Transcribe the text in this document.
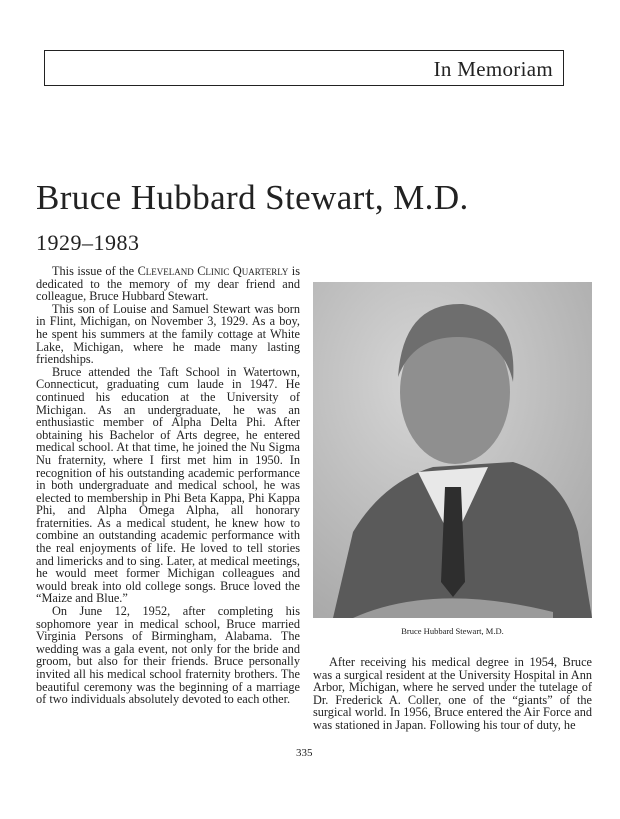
In Memoriam
Bruce Hubbard Stewart, M.D.
1929–1983

This issue of the Cleveland Clinic Quarterly is dedicated to the memory of my dear friend and colleague, Bruce Hubbard Stewart.

This son of Louise and Samuel Stewart was born in Flint, Michigan, on November 3, 1929. As a boy, he spent his summers at the family cottage at White Lake, Michigan, where he made many lasting friendships.

Bruce attended the Taft School in Watertown, Connecticut, graduating cum laude in 1947. He continued his education at the University of Michigan. As an undergraduate, he was an enthusiastic member of Alpha Delta Phi. After obtaining his Bachelor of Arts degree, he entered medical school. At that time, he joined the Nu Sigma Nu fraternity, where I first met him in 1950. In recognition of his outstanding academic performance in both undergraduate and medical school, he was elected to membership in Phi Beta Kappa, Phi Kappa Phi, and Alpha Omega Alpha, all honorary fraternities. As a medical student, he knew how to combine an outstanding academic performance with the real enjoyments of life. He loved to tell stories and limericks and to sing. Later, at medical meetings, he would meet former Michigan colleagues and would break into old college songs. Bruce loved the “Maize and Blue.”

On June 12, 1952, after completing his sophomore year in medical school, Bruce married Virginia Persons of Birmingham, Alabama. The wedding was a gala event, not only for the bride and groom, but also for their friends. Bruce personally invited all his medical school fraternity brothers. The beautiful ceremony was the beginning of a marriage of two individuals absolutely devoted to each other.

Bruce Hubbard Stewart, M.D.

After receiving his medical degree in 1954, Bruce was a surgical resident at the University Hospital in Ann Arbor, Michigan, where he served under the tutelage of Dr. Frederick A. Coller, one of the “giants” of the surgical world. In 1956, Bruce entered the Air Force and was stationed in Japan. Following his tour of duty, he

335
